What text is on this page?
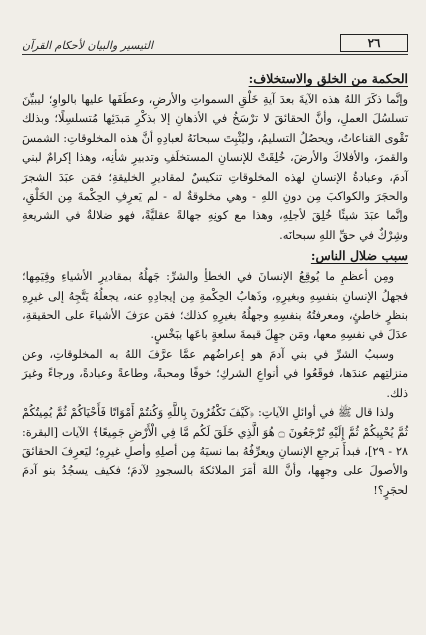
٢٦
التيسير والبيان لأحكام القرآن

الحكمة من الخلق والاستخلاف:

وإنَّما ذكَرَ اللهُ هذه الآيةَ بعدَ آيةِ خَلْقِ السمواتِ والأرضِ، وعطَفَها عليها بالواوِ؛ ليبيِّنَ تسلسُلَ العملِ، وأنَّ الحقائقَ لا ترْسَخُ في الأذهانِ إلا بذكْرِ مَبدَئِها مُتسلسِلًا؛ وبذلك تَقْوى القناعاتُ، ويحصُلُ التسليمُ، وليُثْبِتَ سبحانَهُ لعبادِهِ أنَّ هذه المخلوقاتِ: الشمسَ والقمرَ، والأفلاكَ والأرضَ، خُلِقَتْ للإنسانِ المستخلَفِ وتدبيرِ شأنِه، وهذا إكرامٌ لبني آدمَ، وعبادةُ الإنسانِ لهذه المخلوقاتِ تنكيسٌ لمقاديرِ الخليقةِ؛ فمَن عبَدَ الشجرَ والحجَرَ والكواكبَ مِن دونِ اللهِ - وهي مخلوقةٌ له - لم يَعرِفِ الحِكْمةَ مِن الخَلْقِ، وإنَّما عبَدَ شيئًا خُلِقَ لأجلِهِ، وهذا مع كونِهِ جهالةً عقليَّةً، فهو ضلالةٌ في الشريعةِ وشِرْكٌ في حقِّ اللهِ سبحانَه.

سبب ضلال الناس:

ومِن أعظمِ ما يُوقِعُ الإنسانَ في الخطأِ والشرِّ: جَهلُهُ بمقاديرِ الأشياءِ وقِيَمِها؛ فجهلُ الإنسانِ بنفسِهِ وبغيرِهِ، وذَهابُ الحِكْمةِ مِن إيجادِهِ عنه، يجعلُهُ يَتَّجِهُ إلى غيرِهِ بنظرٍ خاطئٍ، ومعرفتُهُ بنفسِهِ وجهلُهُ بغيرِهِ كذلك؛ فمَن عرَفَ الأشياءَ على الحقيقةِ، عدَلَ في نفسِهِ معها، ومَن جهِلَ قيمةَ سلعةٍ باعَها ببَخْسٍ.

وسببُ الشرِّ في بني آدمَ هو إعراضُهم عمَّا عرَّفَ اللهُ به المخلوقاتِ، وعن منزلتِهم عندَها، فوقَعُوا في أنواعِ الشركِ؛ خوفًا ومحبةً، وطاعةً وعبادةً، ورجاءً وغيرَ ذلك.

ولذا قال ﷺ في أوائلِ الآياتِ: ﴿كَيْفَ تَكْفُرُونَ بِاللَّهِ وَكُنتُمْ أَمْوَاتًا فَأَحْيَاكُمْ ثُمَّ يُمِيتُكُمْ ثُمَّ يُحْيِيكُمْ ثُمَّ إِلَيْهِ تُرْجَعُونَ ۝ هُوَ الَّذِي خَلَقَ لَكُم مَّا فِي الْأَرْضِ جَمِيعًا﴾ الآيات [البقرة: ٢٨ - ٢٩]، فبدأَ بَرجعِ الإنسانِ ويعرِّفُهُ بما نسيَهُ مِن أصلِهِ وأصلِ غيرِهِ؛ ليَعرِفَ الحقائقَ والأصولَ على وجهِها، وأنَّ اللهَ أمَرَ الملائكةَ بالسجودِ لآدمَ؛ فكيف يسجُدُ بنو آدمَ لحجَرٍ؟!
